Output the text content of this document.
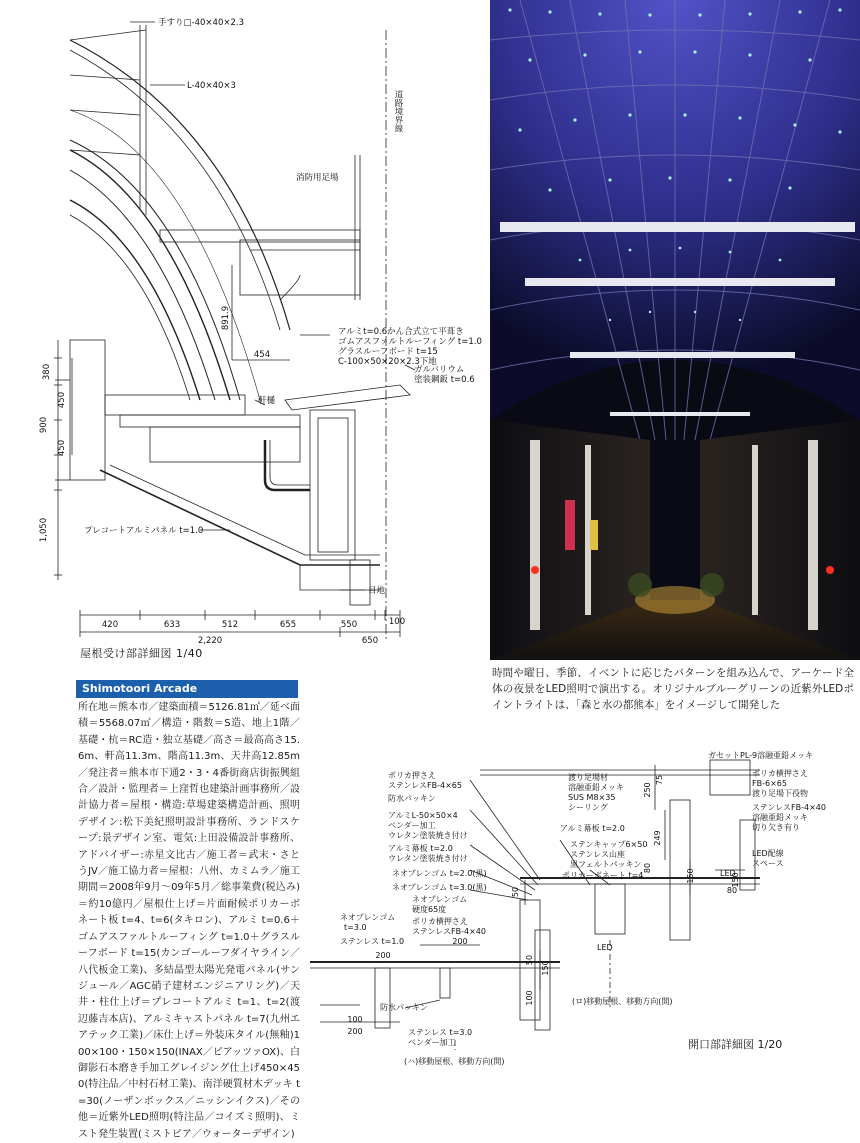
手すり□-40×40×2.3
L-40×40×3
消防用足場
アルミt=0.6かん合式立て平葺き
ゴムアスファルトルーフィング t=1.0
グラスルーフボード t=15
C-100×50×20×2.3下地
ガルバリウム
塗装鋼鈑 t=0.6
軒樋
プレコートアルミパネル t=1.0
目地
道路境界線
380
450
900
450
1,050
891.9
454
420	633	512	655	550	100
2,220	650
屋根受け部詳細図 1/40
時間や曜日、季節、イベントに応じたパターンを組み込んで、アーケード全体の夜景をLED照明で演出する。オリジナルブルーグリーンの近紫外LEDポイントライトは、「森と水の都熊本」をイメージして開発した
Shimotoori Arcade
所在地＝熊本市／建築面積＝5126.81㎡／延べ面積＝5568.07㎡／構造・階数＝S造、地上1階／基礎・杭＝RC造・独立基礎／高さ＝最高高さ15.6m、軒高11.3m、階高11.3m、天井高12.85m／発注者＝熊本市下通2・3・4番街商店街振興組合／設計・監理者＝上窪哲也建築計画事務所／設計協力者＝屋根・構造:草場建築構造計画、照明デザイン:松下美紀照明設計事務所、ランドスケープ:景デザイン室、電気:上田設備設計事務所、アドバイザー:赤星文比古／施工者＝武末・さとうJV／施工協力者＝屋根：八州、カミムラ／施工期間＝2008年9月〜09年5月／総事業費(税込み)＝約10億円／屋根仕上げ＝片面耐候ポリカーボネート板 t=4、t=6(タキロン)、アルミ t=0.6＋ゴムアスファルトルーフィング t=1.0＋グラスルーフボード t=15(カンゴールーフダイヤライン／八代板金工業)、多結晶型太陽光発電パネル(サンジュール／AGC硝子建材エンジニアリング)／天井・柱仕上げ＝プレコートアルミ t=1、t=2(渡辺藤吉本店)、アルミキャストパネル t=7(九州エアテック工業)／床仕上げ＝外装床タイル(無釉)100×100・150×150(INAX／ピアッツァOX)、白御影石本磨き手加工グレイジング仕上げ450×450(特注品／中村石材工業)、南洋硬質材木デッキ t=30(ノーザンボックス／ニッシンイクス)／その他＝近紫外LED照明(特注品／コイズミ照明)、ミスト発生装置(ミストピア／ウォーターデザイン)
ポリカ押さえ
ステンレスFB-4×65
防水パッキン
アルミL-50×50×4
ベンダー加工
ウレタン塗装焼き付け
アルミ幕板 t=2.0
ウレタン塗装焼き付け
ネオプレンゴム t=2.0(黒)
ネオプレンゴム t=3.0(黒)
ネオプレンゴム
硬度65度
ポリカ横押さえ
ステンレスFB-4×40
ネオプレンゴム
t=3.0
ステンレス t=1.0
防水パッキン
ステンレス t=3.0
ベンダー加工
渡り足場材
溶融亜鉛メッキ
SUS M8×35
シーリング
ガセットPL-9溶融亜鉛メッキ
ポリカ横押さえ
FB-6×65
渡り足場下役物
ステンレスFB-4×40
溶融亜鉛メッキ
切り欠き有り
アルミ幕板 t=2.0
ステンキャップ6×50
ステンレス山座
黒フェルトパッキン
ポリカーボネート t=4
LED配線
スペース
LED
LED
(ロ)移動屋根、移動方向(開)
(ハ)移動屋根、移動方向(開)
250
75
249
80
150	150
80
50
50
100
150
200
100
200
200
開口部詳細図 1/20
